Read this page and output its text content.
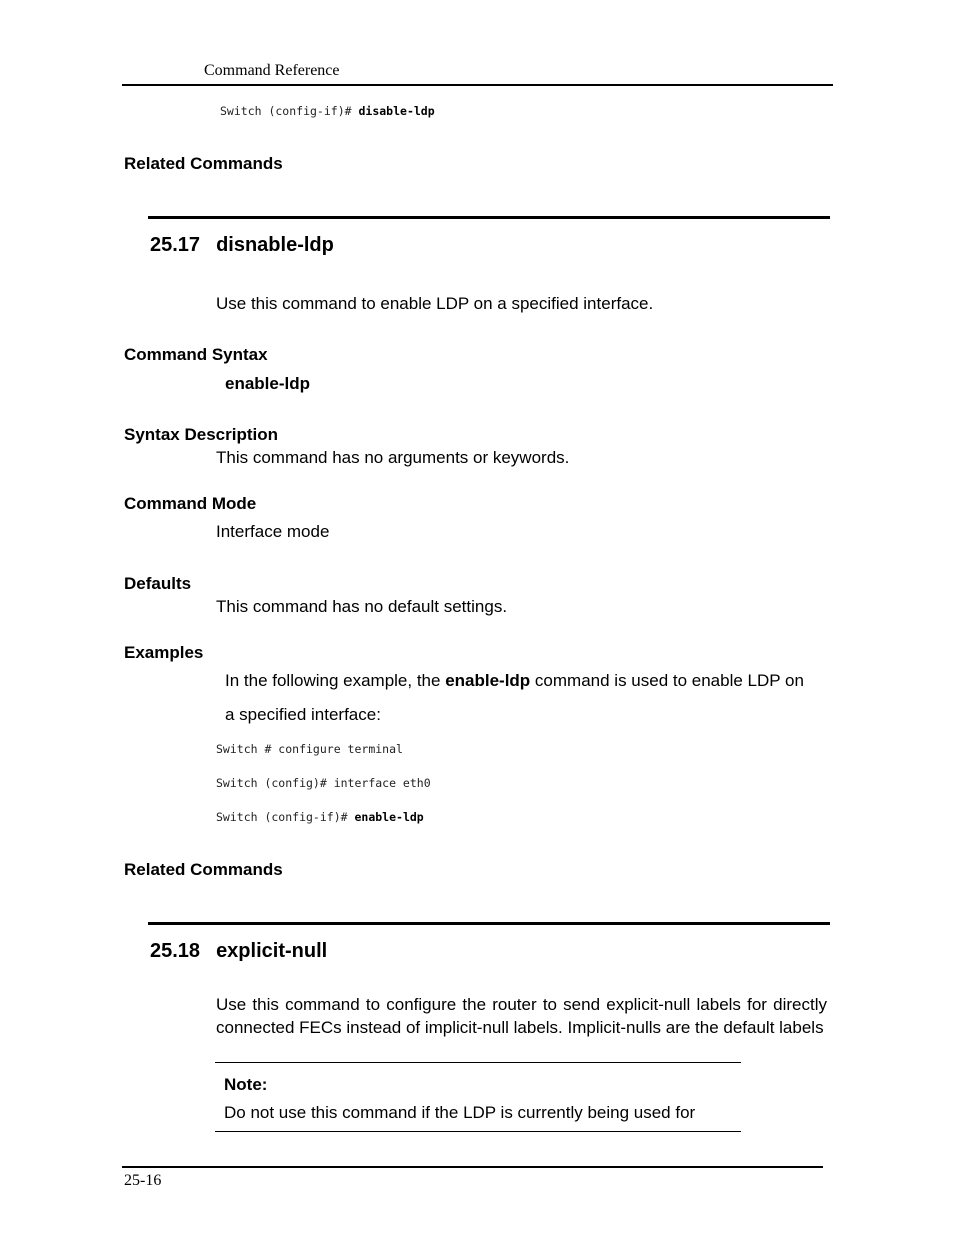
Command Reference
Switch (config-if)# disable-ldp
Related Commands
25.17 disnable-ldp
Use this command to enable LDP on a specified interface.
Command Syntax
enable-ldp
Syntax Description
This command has no arguments or keywords.
Command Mode
Interface mode
Defaults
This command has no default settings.
Examples
In the following example, the enable-ldp command is used to enable LDP on
a specified interface:
Switch # configure terminal
Switch (config)# interface eth0
Switch (config-if)# enable-ldp
Related Commands
25.18 explicit-null
Use this command to configure the router to send explicit-null labels for directly connected FECs instead of implicit-null labels. Implicit-nulls are the default labels
Note:
Do not use this command if the LDP is currently being used for
25-16
